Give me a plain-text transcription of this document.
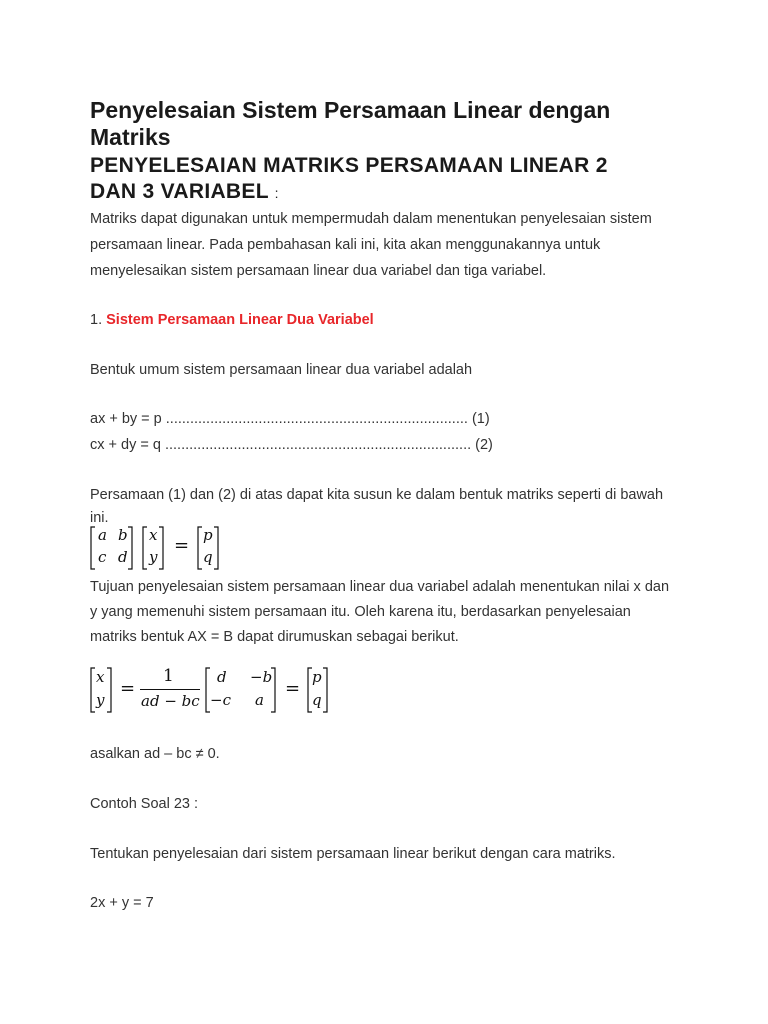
Penyelesaian Sistem Persamaan Linear dengan
Matriks
PENYELESAIAN MATRIKS PERSAMAAN LINEAR 2
DAN 3 VARIABEL :
Matriks dapat digunakan untuk mempermudah dalam menentukan penyelesaian sistem
persamaan linear. Pada pembahasan kali ini, kita akan menggunakannya untuk
menyelesaikan sistem persamaan linear dua variabel dan tiga variabel.
1. Sistem Persamaan Linear Dua Variabel
Bentuk umum sistem persamaan linear dua variabel adalah
ax + by = p ........................................................................... (1)
cx + dy = q ............................................................................ (2)
Persamaan (1) dan (2) di atas dapat kita susun ke dalam bentuk matriks seperti di bawah
ini.
a b
c d
x
y
= p
q
Tujuan penyelesaian sistem persamaan linear dua variabel adalah menentukan nilai x dan
y yang memenuhi sistem persamaan itu. Oleh karena itu, berdasarkan penyelesaian
matriks bentuk AX = B dapat dirumuskan sebagai berikut.
x
y
=
1
ad − bc
d −b
−c a
=
p
q
asalkan ad – bc ≠ 0.
Contoh Soal 23 :
Tentukan penyelesaian dari sistem persamaan linear berikut dengan cara matriks.
2x + y = 7
